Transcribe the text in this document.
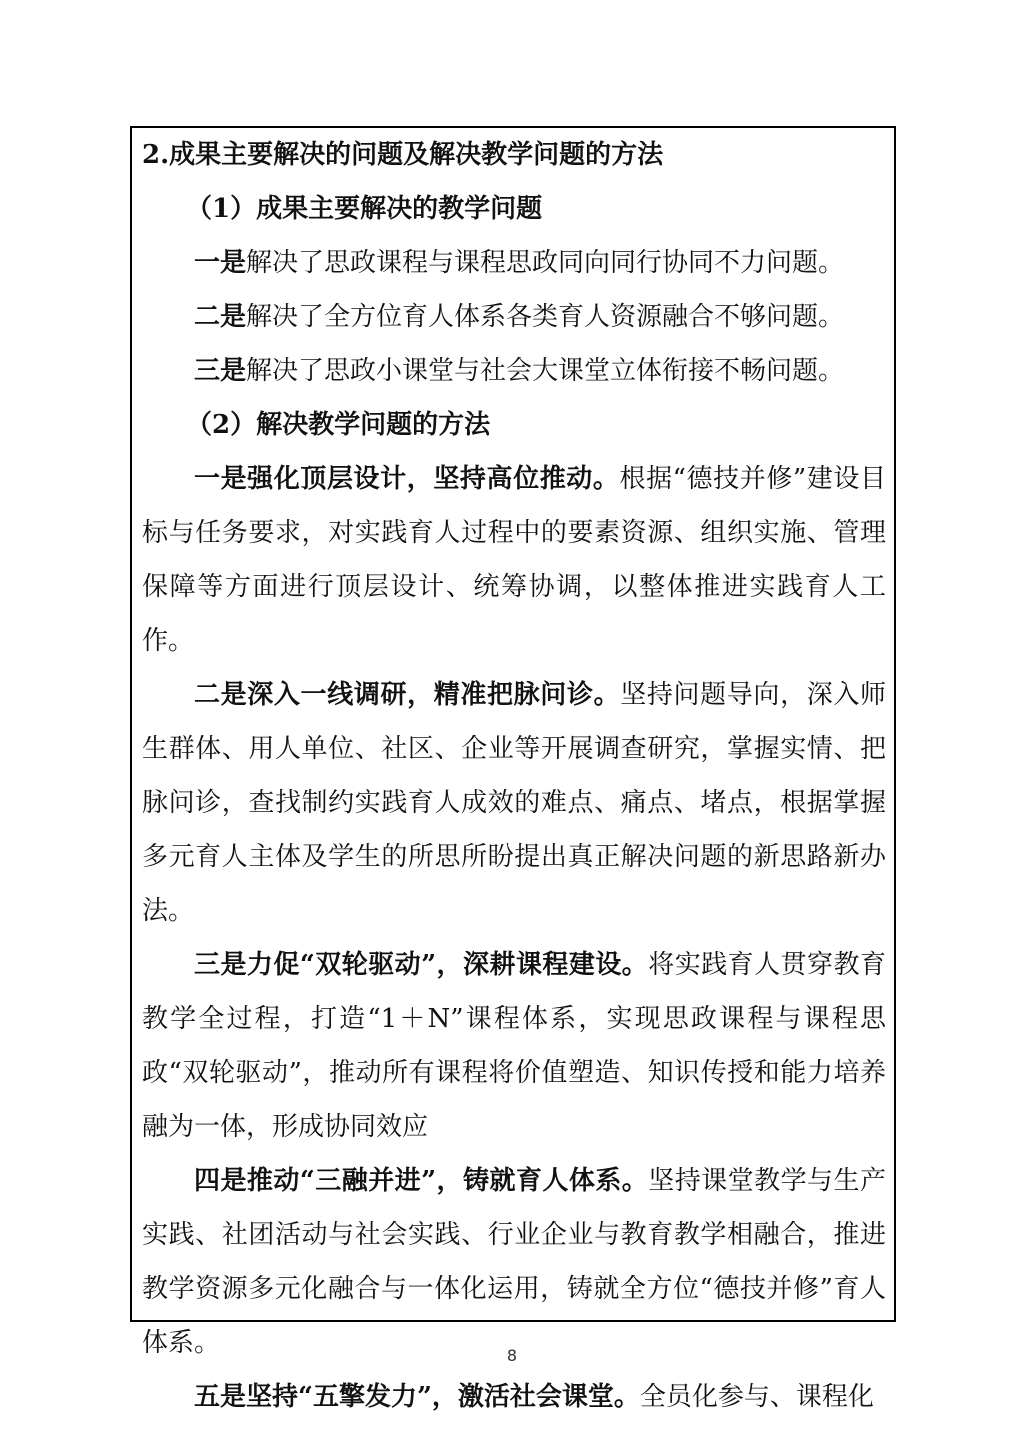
2.成果主要解决的问题及解决教学问题的方法

（1）成果主要解决的教学问题

一是解决了思政课程与课程思政同向同行协同不力问题。

二是解决了全方位育人体系各类育人资源融合不够问题。

三是解决了思政小课堂与社会大课堂立体衔接不畅问题。

（2）解决教学问题的方法

一是强化顶层设计，坚持高位推动。根据“德技并修”建设目标与任务要求，对实践育人过程中的要素资源、组织实施、管理保障等方面进行顶层设计、统筹协调，以整体推进实践育人工作。

二是深入一线调研，精准把脉问诊。坚持问题导向，深入师生群体、用人单位、社区、企业等开展调查研究，掌握实情、把脉问诊，查找制约实践育人成效的难点、痛点、堵点，根据掌握多元育人主体及学生的所思所盼提出真正解决问题的新思路新办法。

三是力促“双轮驱动”，深耕课程建设。将实践育人贯穿教育教学全过程，打造“1＋N”课程体系，实现思政课程与课程思政“双轮驱动”，推动所有课程将价值塑造、知识传授和能力培养融为一体，形成协同效应

四是推动“三融并进”，铸就育人体系。坚持课堂教学与生产实践、社团活动与社会实践、行业企业与教育教学相融合，推进教学资源多元化融合与一体化运用，铸就全方位“德技并修”育人体系。

五是坚持“五擎发力”，激活社会课堂。全员化参与、课程化

8
